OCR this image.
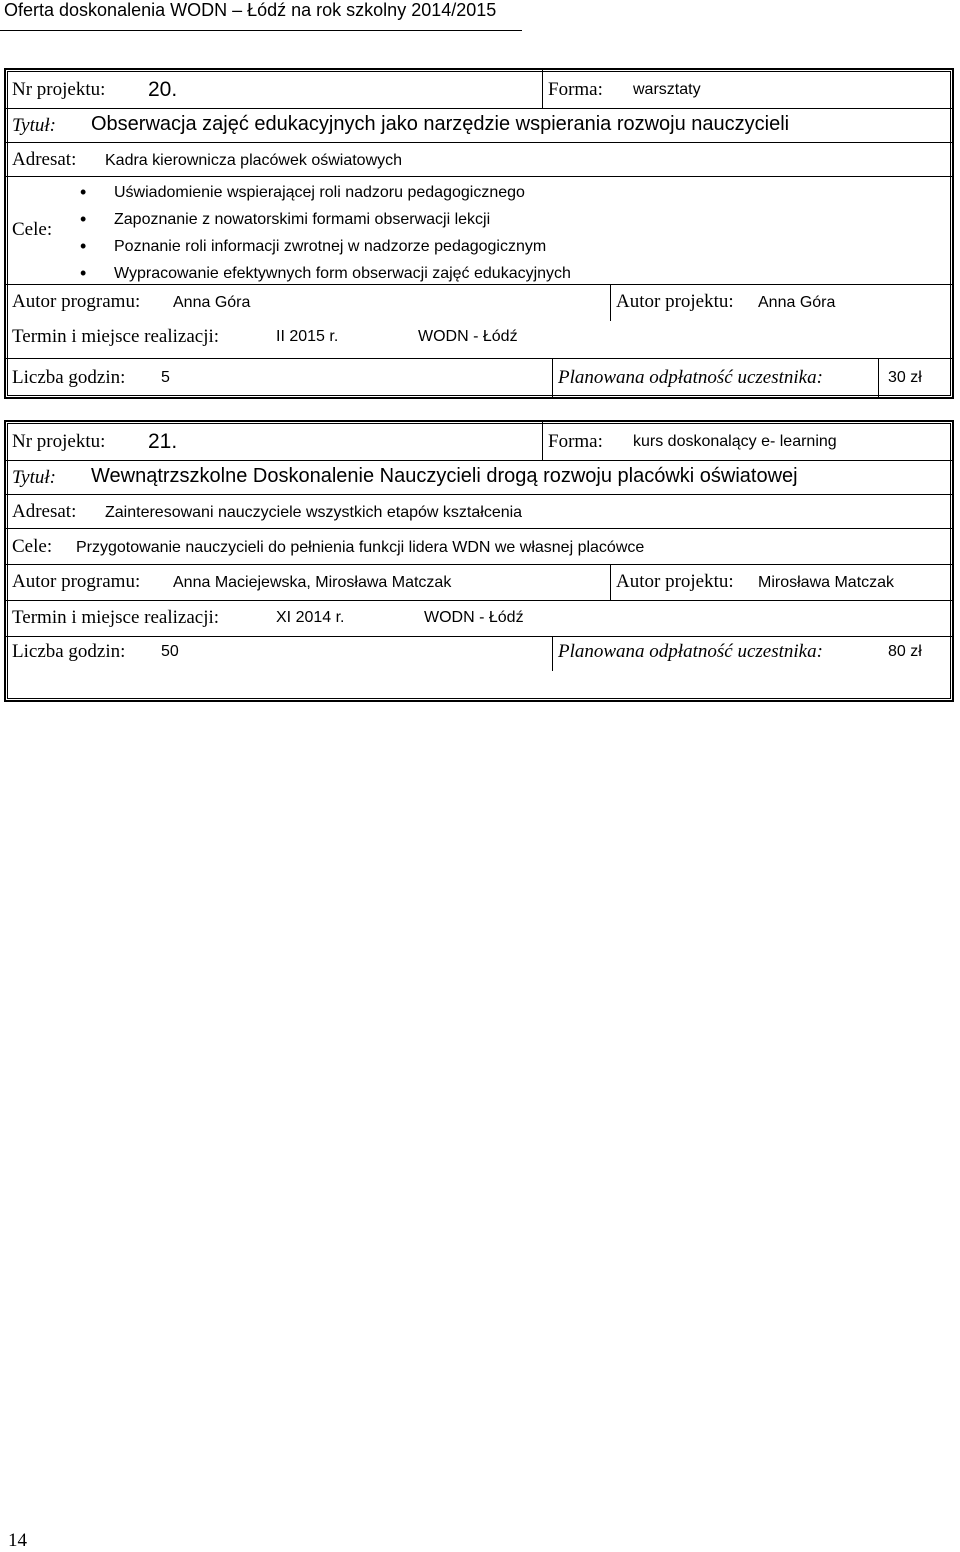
Oferta doskonalenia WODN – Łódź na rok szkolny 2014/2015
Nr projektu: 20.	Forma: warsztaty
Tytuł: Obserwacja zajęć edukacyjnych jako narzędzie wspierania rozwoju nauczycieli
Adresat: Kadra kierownicza placówek oświatowych
Cele:
• Uświadomienie wspierającej roli nadzoru pedagogicznego
• Zapoznanie z nowatorskimi formami obserwacji lekcji
• Poznanie roli informacji zwrotnej w nadzorze pedagogicznym
• Wypracowanie efektywnych form obserwacji zajęć edukacyjnych
Autor programu: Anna Góra	Autor projektu: Anna Góra
Termin i miejsce realizacji:	II 2015 r.	WODN - Łódź
Liczba godzin: 5	Planowana odpłatność uczestnika:	30 zł
Nr projektu: 21.	Forma: kurs doskonalący e- learning
Tytuł: Wewnątrzszkolne Doskonalenie Nauczycieli drogą rozwoju placówki oświatowej
Adresat: Zainteresowani nauczyciele wszystkich etapów kształcenia
Cele: Przygotowanie nauczycieli do pełnienia funkcji lidera WDN we własnej placówce
Autor programu: Anna Maciejewska, Mirosława Matczak	Autor projektu: Mirosława Matczak
Termin i miejsce realizacji:	XI 2014 r.	WODN - Łódź
Liczba godzin: 50	Planowana odpłatność uczestnika:	80 zł
14
